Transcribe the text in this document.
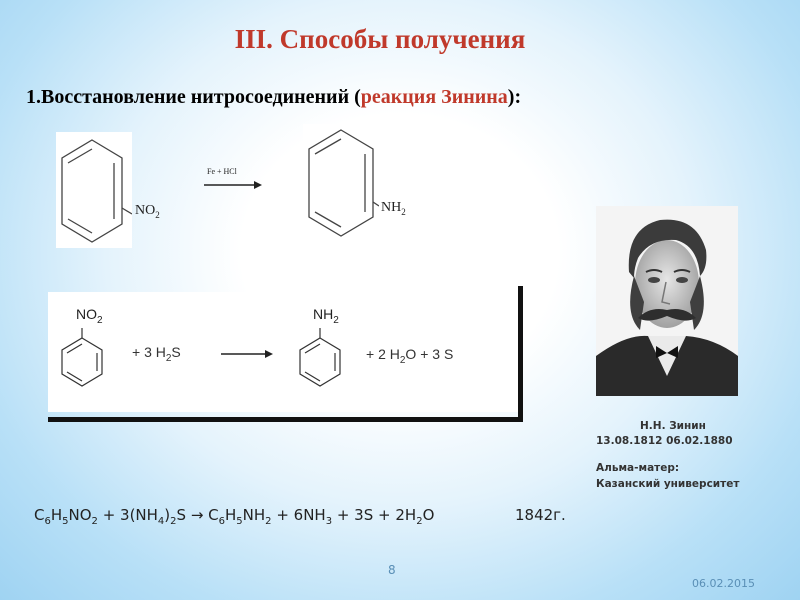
III. Способы получения
1.Восстановление нитросоединений (реакция Зинина):
$NO_2$
Fe + HCl
$NH_2$
$NO_2$
+ 3 $H_2S$
$NH_2$
+ 2 $H_2O + 3$ S
Н.Н. Зинин
13.08.1812 06.02.1880
Альма-матер:
Казанский университет
$C_6H_5NO_2 + 3(NH_4)_2S \to C_6H_5NH_2 + 6NH_3 + 3S + 2H_2O$	1842г.
8
06.02.2015
